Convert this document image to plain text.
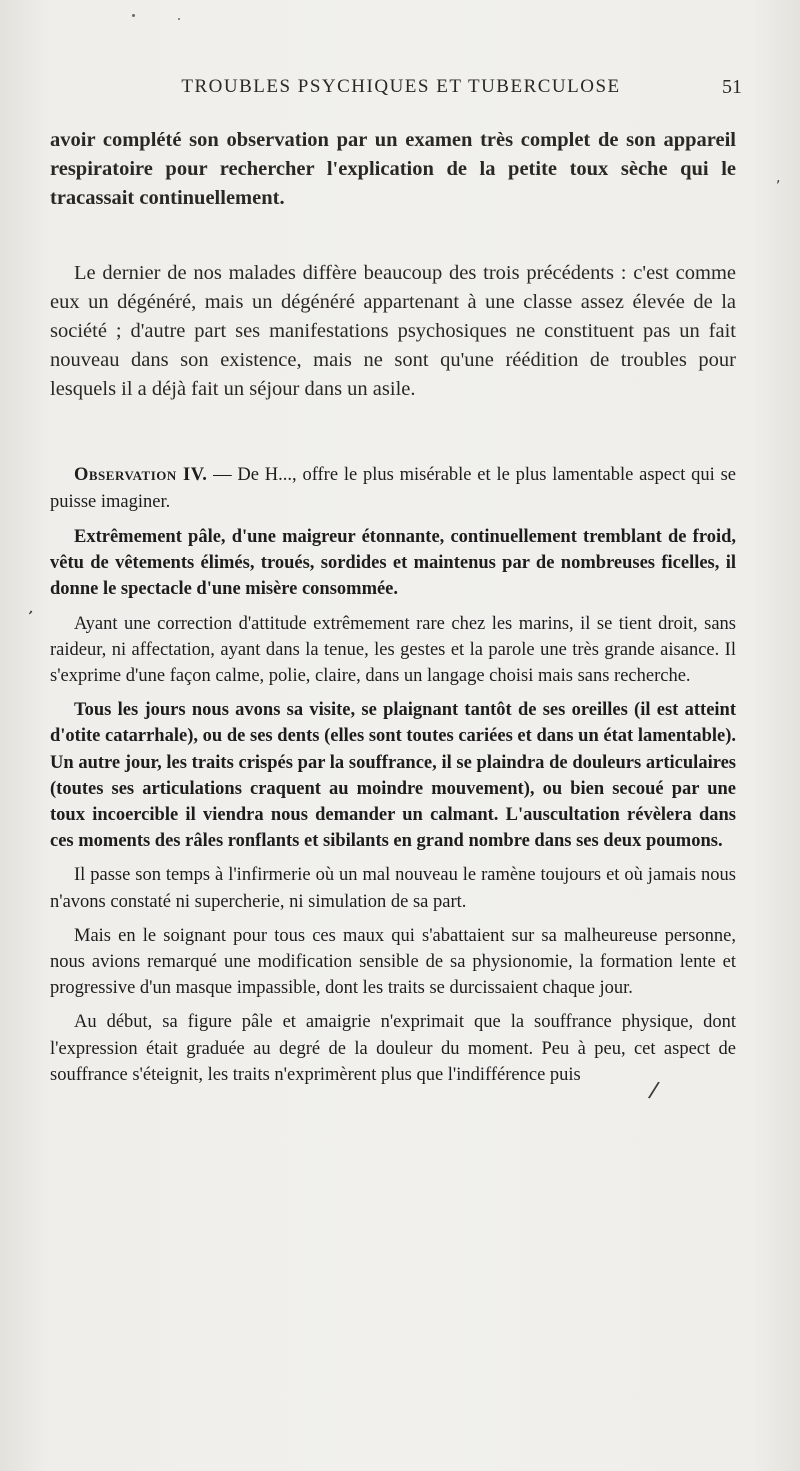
TROUBLES PSYCHIQUES ET TUBERCULOSE	51

avoir complété son observation par un examen très complet de son appareil respiratoire pour rechercher l'explication de la petite toux sèche qui le tracassait continuellement.

Le dernier de nos malades diffère beaucoup des trois précédents : c'est comme eux un dégénéré, mais un dégénéré appartenant à une classe assez élevée de la société ; d'autre part ses manifestations psychosiques ne constituent pas un fait nouveau dans son existence, mais ne sont qu'une réédition de troubles pour lesquels il a déjà fait un séjour dans un asile.

Observation IV. — De H..., offre le plus misérable et le plus lamentable aspect qui se puisse imaginer.

Extrêmement pâle, d'une maigreur étonnante, continuellement tremblant de froid, vêtu de vêtements élimés, troués, sordides et maintenus par de nombreuses ficelles, il donne le spectacle d'une misère consommée.

Ayant une correction d'attitude extrêmement rare chez les marins, il se tient droit, sans raideur, ni affectation, ayant dans la tenue, les gestes et la parole une très grande aisance. Il s'exprime d'une façon calme, polie, claire, dans un langage choisi mais sans recherche.

Tous les jours nous avons sa visite, se plaignant tantôt de ses oreilles (il est atteint d'otite catarrhale), ou de ses dents (elles sont toutes cariées et dans un état lamentable). Un autre jour, les traits crispés par la souffrance, il se plaindra de douleurs articulaires (toutes ses articulations craquent au moindre mouvement), ou bien secoué par une toux incoercible il viendra nous demander un calmant. L'auscultation révèlera dans ces moments des râles ronflants et sibilants en grand nombre dans ses deux poumons.

Il passe son temps à l'infirmerie où un mal nouveau le ramène toujours et où jamais nous n'avons constaté ni supercherie, ni simulation de sa part.

Mais en le soignant pour tous ces maux qui s'abattaient sur sa malheureuse personne, nous avions remarqué une modification sensible de sa physionomie, la formation lente et progressive d'un masque impassible, dont les traits se durcissaient chaque jour.

Au début, sa figure pâle et amaigrie n'exprimait que la souffrance physique, dont l'expression était graduée au degré de la douleur du moment. Peu à peu, cet aspect de souffrance s'éteignit, les traits n'exprimèrent plus que l'indifférence puis

,
/
,
